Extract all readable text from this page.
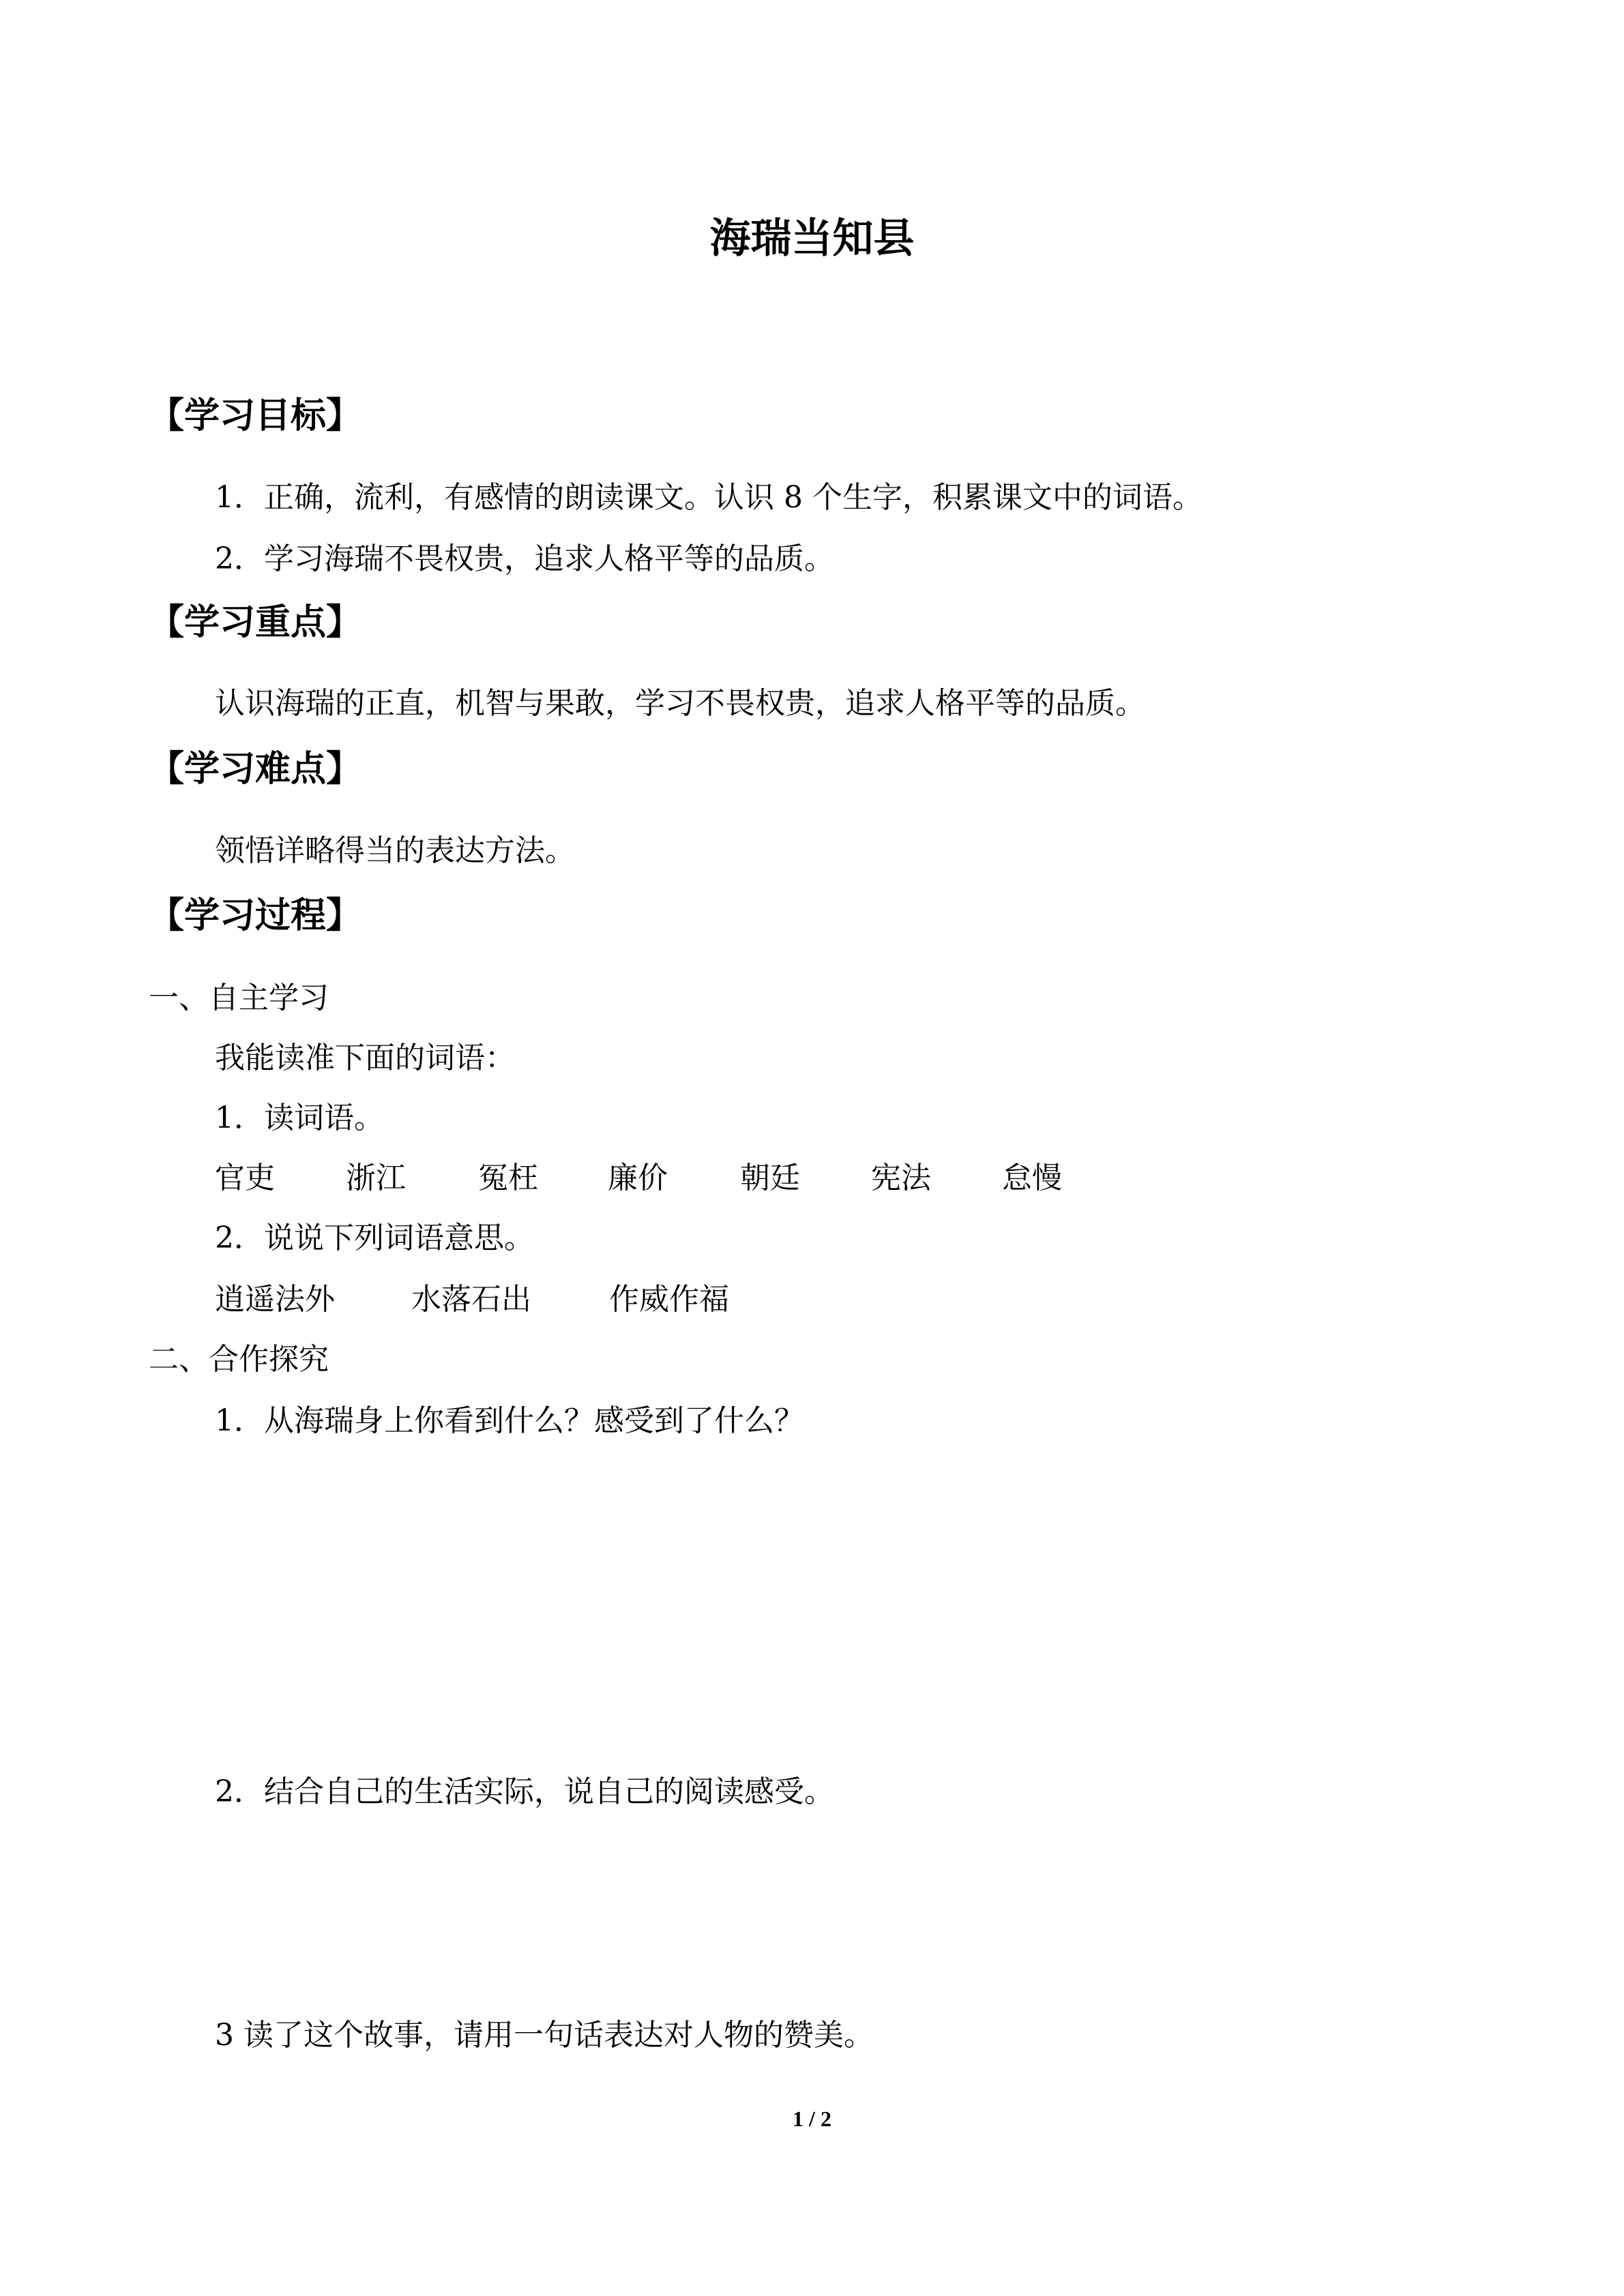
海瑞当知县
【学习目标】
1．正确，流利，有感情的朗读课文。认识 8 个生字，积累课文中的词语。
2．学习海瑞不畏权贵，追求人格平等的品质。
【学习重点】
认识海瑞的正直，机智与果敢，学习不畏权贵，追求人格平等的品质。
【学习难点】
领悟详略得当的表达方法。
【学习过程】
一、自主学习
我能读准下面的词语：
1．读词语。
官吏	浙江	冤枉	廉价	朝廷	宪法	怠慢
2．说说下列词语意思。
逍遥法外	水落石出	作威作福
二、合作探究
1．从海瑞身上你看到什么？感受到了什么？
2．结合自己的生活实际，说自己的阅读感受。
3 读了这个故事，请用一句话表达对人物的赞美。
1 / 2
